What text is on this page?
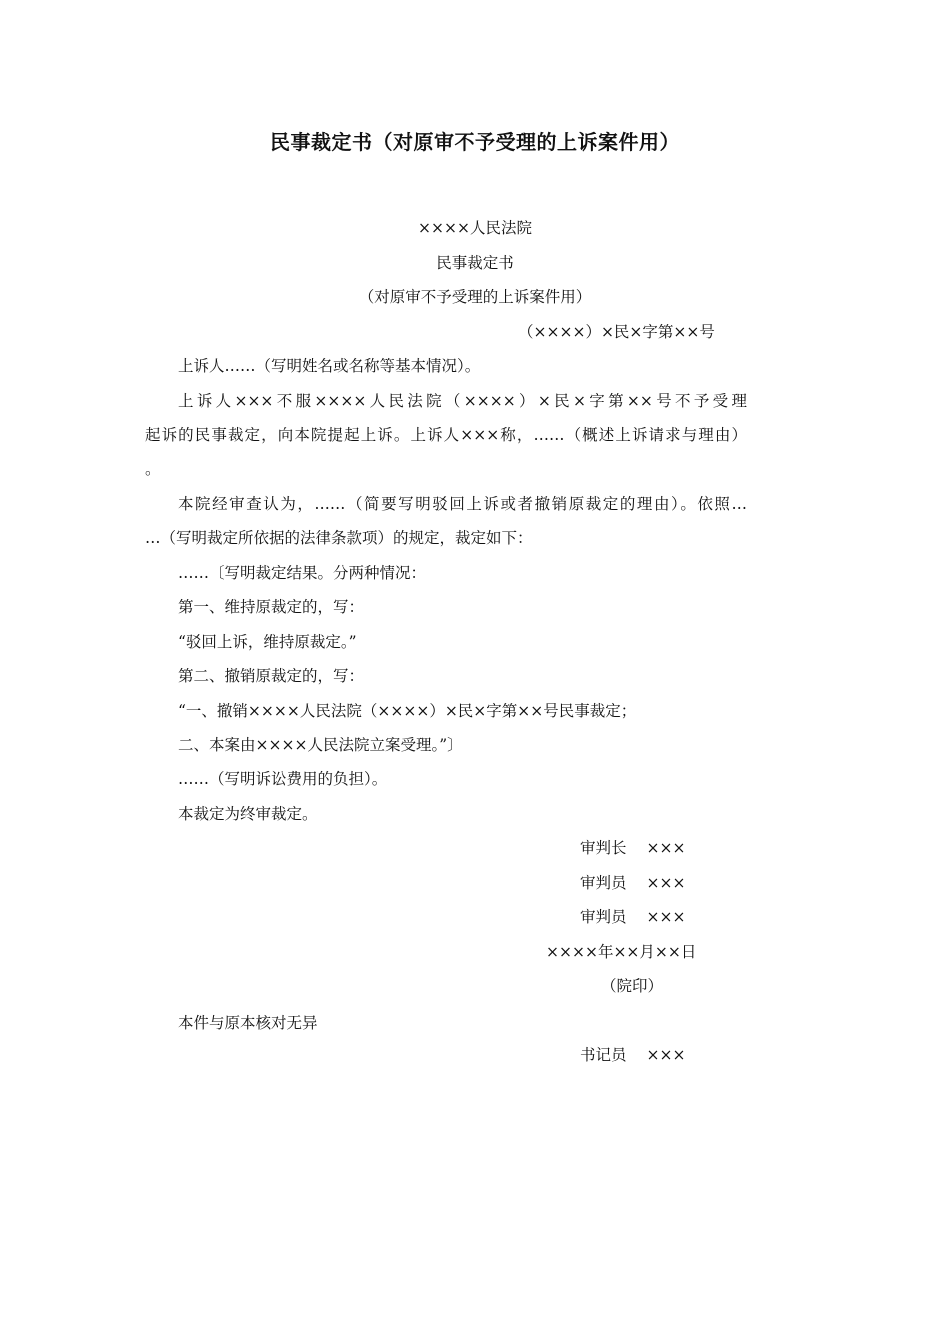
民事裁定书（对原审不予受理的上诉案件用）
××××人民法院
民事裁定书
（对原审不予受理的上诉案件用）
（××××）×民×字第××号
上诉人……（写明姓名或名称等基本情况）。
上诉人×××不服××××人民法院（××××）×民×字第××号不予受理
起诉的民事裁定，向本院提起上诉。上诉人×××称，……（概述上诉请求与理由）
。
本院经审查认为，……（简要写明驳回上诉或者撤销原裁定的理由）。依照…
…（写明裁定所依据的法律条款项）的规定，裁定如下：
……〔写明裁定结果。分两种情况：
第一、维持原裁定的，写：
“驳回上诉，维持原裁定。”
第二、撤销原裁定的，写：
“一、撤销××××人民法院（××××）×民×字第××号民事裁定；
二、本案由××××人民法院立案受理。”〕
……（写明诉讼费用的负担）。
本裁定为终审裁定。
审判长 ×××
审判员 ×××
审判员 ×××
××××年××月××日
（院印）
本件与原本核对无异
书记员 ×××
